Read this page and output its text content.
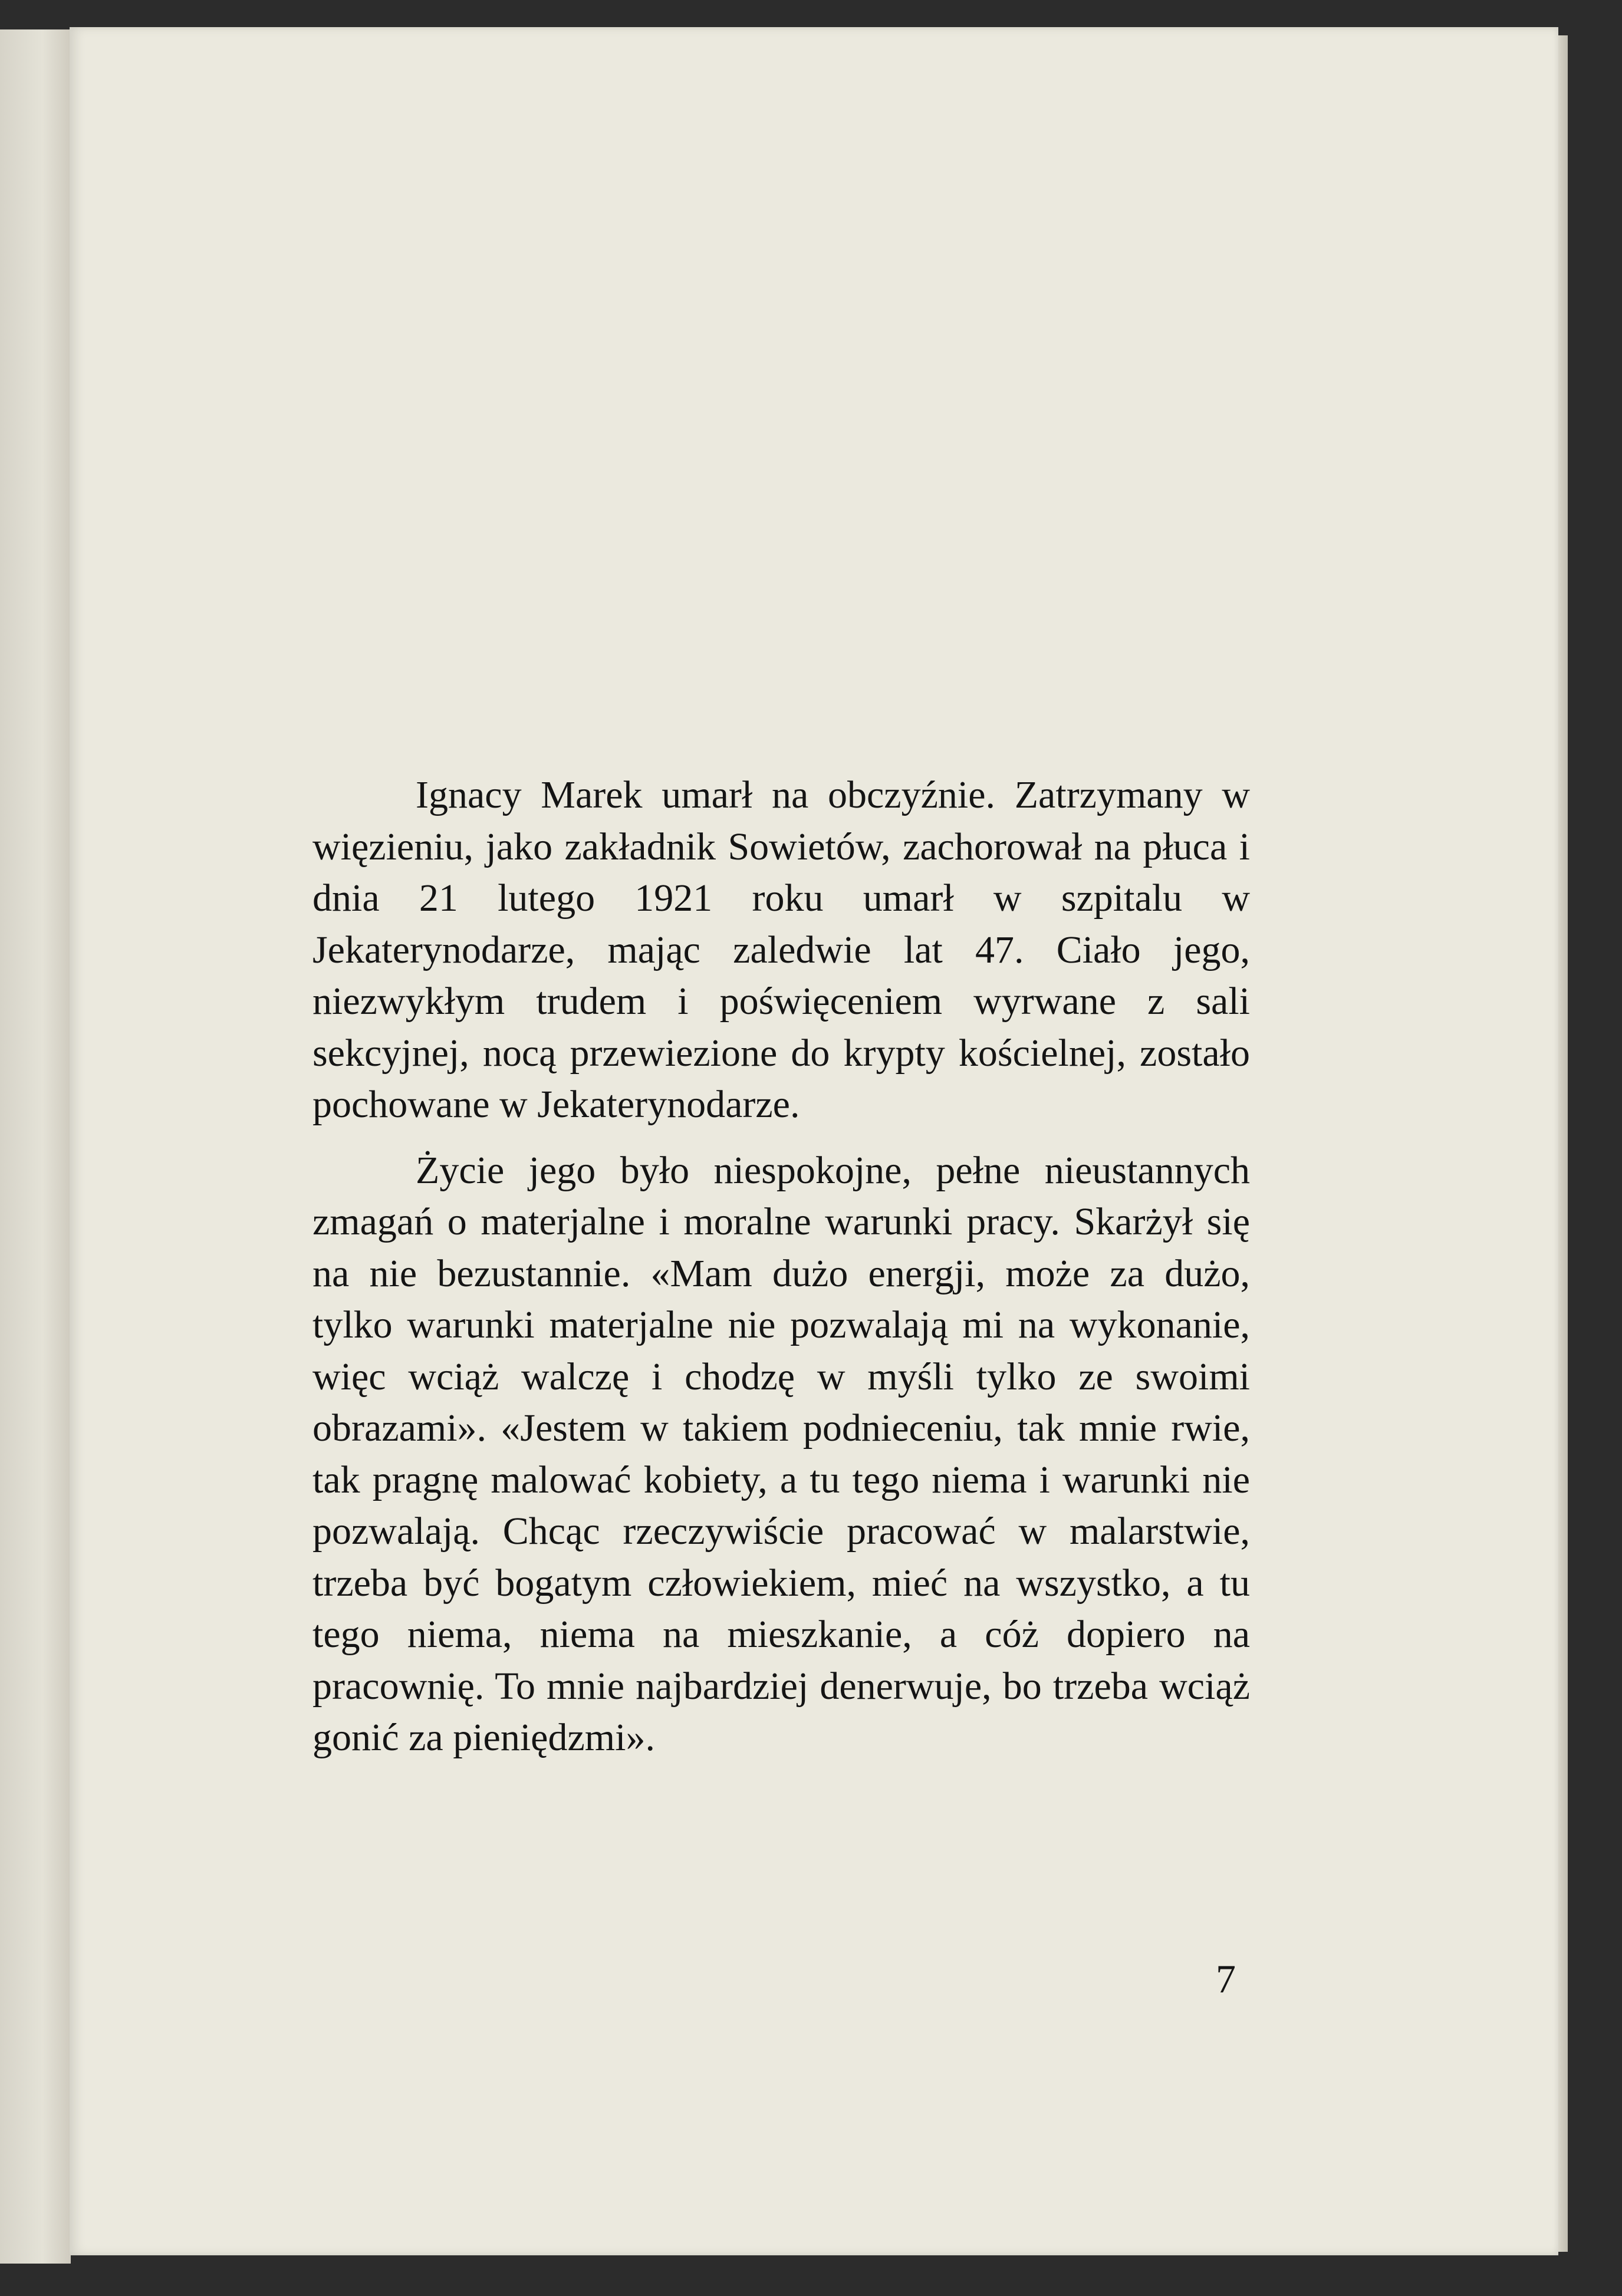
Ignacy Marek umarł na obczyźnie. Zatrzymany w więzieniu, jako zakładnik Sowietów, zachorował na płuca i dnia 21 lutego 1921 roku umarł w szpitalu w Jekaterynodarze, mając zaledwie lat 47. Ciało jego, niezwykłym trudem i poświęceniem wyrwane z sali sekcyjnej, nocą przewiezione do krypty kościelnej, zostało pochowane w Jekaterynodarze.

Życie jego było niespokojne, pełne nieustannych zmagań o materjalne i moralne warunki pracy. Skarżył się na nie bezustannie. «Mam dużo energji, może za dużo, tylko warunki materjalne nie pozwalają mi na wykonanie, więc wciąż walczę i chodzę w myśli tylko ze swoimi obrazami». «Jestem w takiem podnieceniu, tak mnie rwie, tak pragnę malować kobiety, a tu tego niema i warunki nie pozwalają. Chcąc rzeczywiście pracować w malarstwie, trzeba być bogatym człowiekiem, mieć na wszystko, a tu tego niema, niema na mieszkanie, a cóż dopiero na pracownię. To mnie najbardziej denerwuje, bo trzeba wciąż gonić za pieniędzmi».

7
